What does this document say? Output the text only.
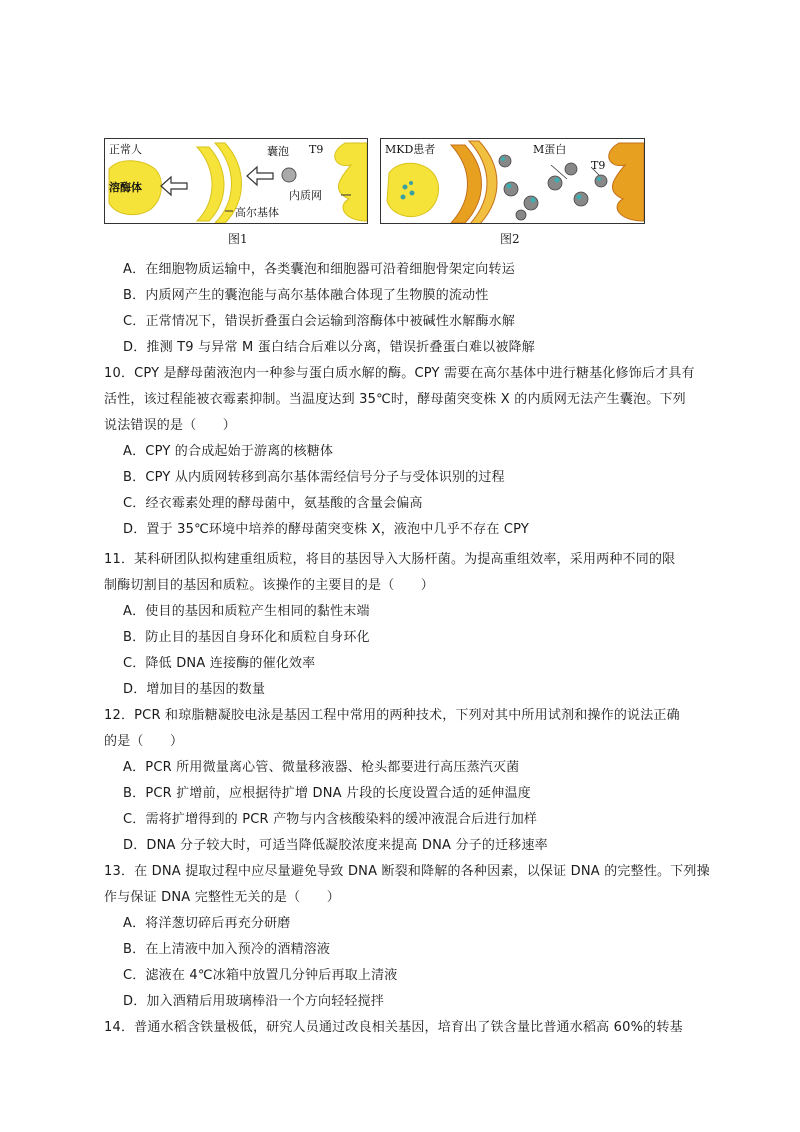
正常人
溶酶体
囊泡 T9
内质网
高尔基体
MKD患者	M蛋白
T9
图1	图2
A．在细胞物质运输中，各类囊泡和细胞器可沿着细胞骨架定向转运
B．内质网产生的囊泡能与高尔基体融合体现了生物膜的流动性
C．正常情况下，错误折叠蛋白会运输到溶酶体中被碱性水解酶水解
D．推测 T9 与异常 M 蛋白结合后难以分离，错误折叠蛋白难以被降解
10．CPY 是酵母菌液泡内一种参与蛋白质水解的酶。CPY 需要在高尔基体中进行糖基化修饰后才具有
活性，该过程能被衣霉素抑制。当温度达到 35℃时，酵母菌突变株 X 的内质网无法产生囊泡。下列
说法错误的是（　　）
A．CPY 的合成起始于游离的核糖体
B．CPY 从内质网转移到高尔基体需经信号分子与受体识别的过程
C．经衣霉素处理的酵母菌中，氨基酸的含量会偏高
D．置于 35℃环境中培养的酵母菌突变株 X，液泡中几乎不存在 CPY
11．某科研团队拟构建重组质粒，将目的基因导入大肠杆菌。为提高重组效率，采用两种不同的限
制酶切割目的基因和质粒。该操作的主要目的是（　　）
A．使目的基因和质粒产生相同的黏性末端
B．防止目的基因自身环化和质粒自身环化
C．降低 DNA 连接酶的催化效率
D．增加目的基因的数量
12．PCR 和琼脂糖凝胶电泳是基因工程中常用的两种技术，下列对其中所用试剂和操作的说法正确
的是（　　）
A．PCR 所用微量离心管、微量移液器、枪头都要进行高压蒸汽灭菌
B．PCR 扩增前，应根据待扩增 DNA 片段的长度设置合适的延伸温度
C．需将扩增得到的 PCR 产物与内含核酸染料的缓冲液混合后进行加样
D．DNA 分子较大时，可适当降低凝胶浓度来提高 DNA 分子的迁移速率
13．在 DNA 提取过程中应尽量避免导致 DNA 断裂和降解的各种因素，以保证 DNA 的完整性。下列操
作与保证 DNA 完整性无关的是（　　）
A．将洋葱切碎后再充分研磨
B．在上清液中加入预冷的酒精溶液
C．滤液在 4℃冰箱中放置几分钟后再取上清液
D．加入酒精后用玻璃棒沿一个方向轻轻搅拌
14．普通水稻含铁量极低，研究人员通过改良相关基因，培育出了铁含量比普通水稻高 60%的转基
